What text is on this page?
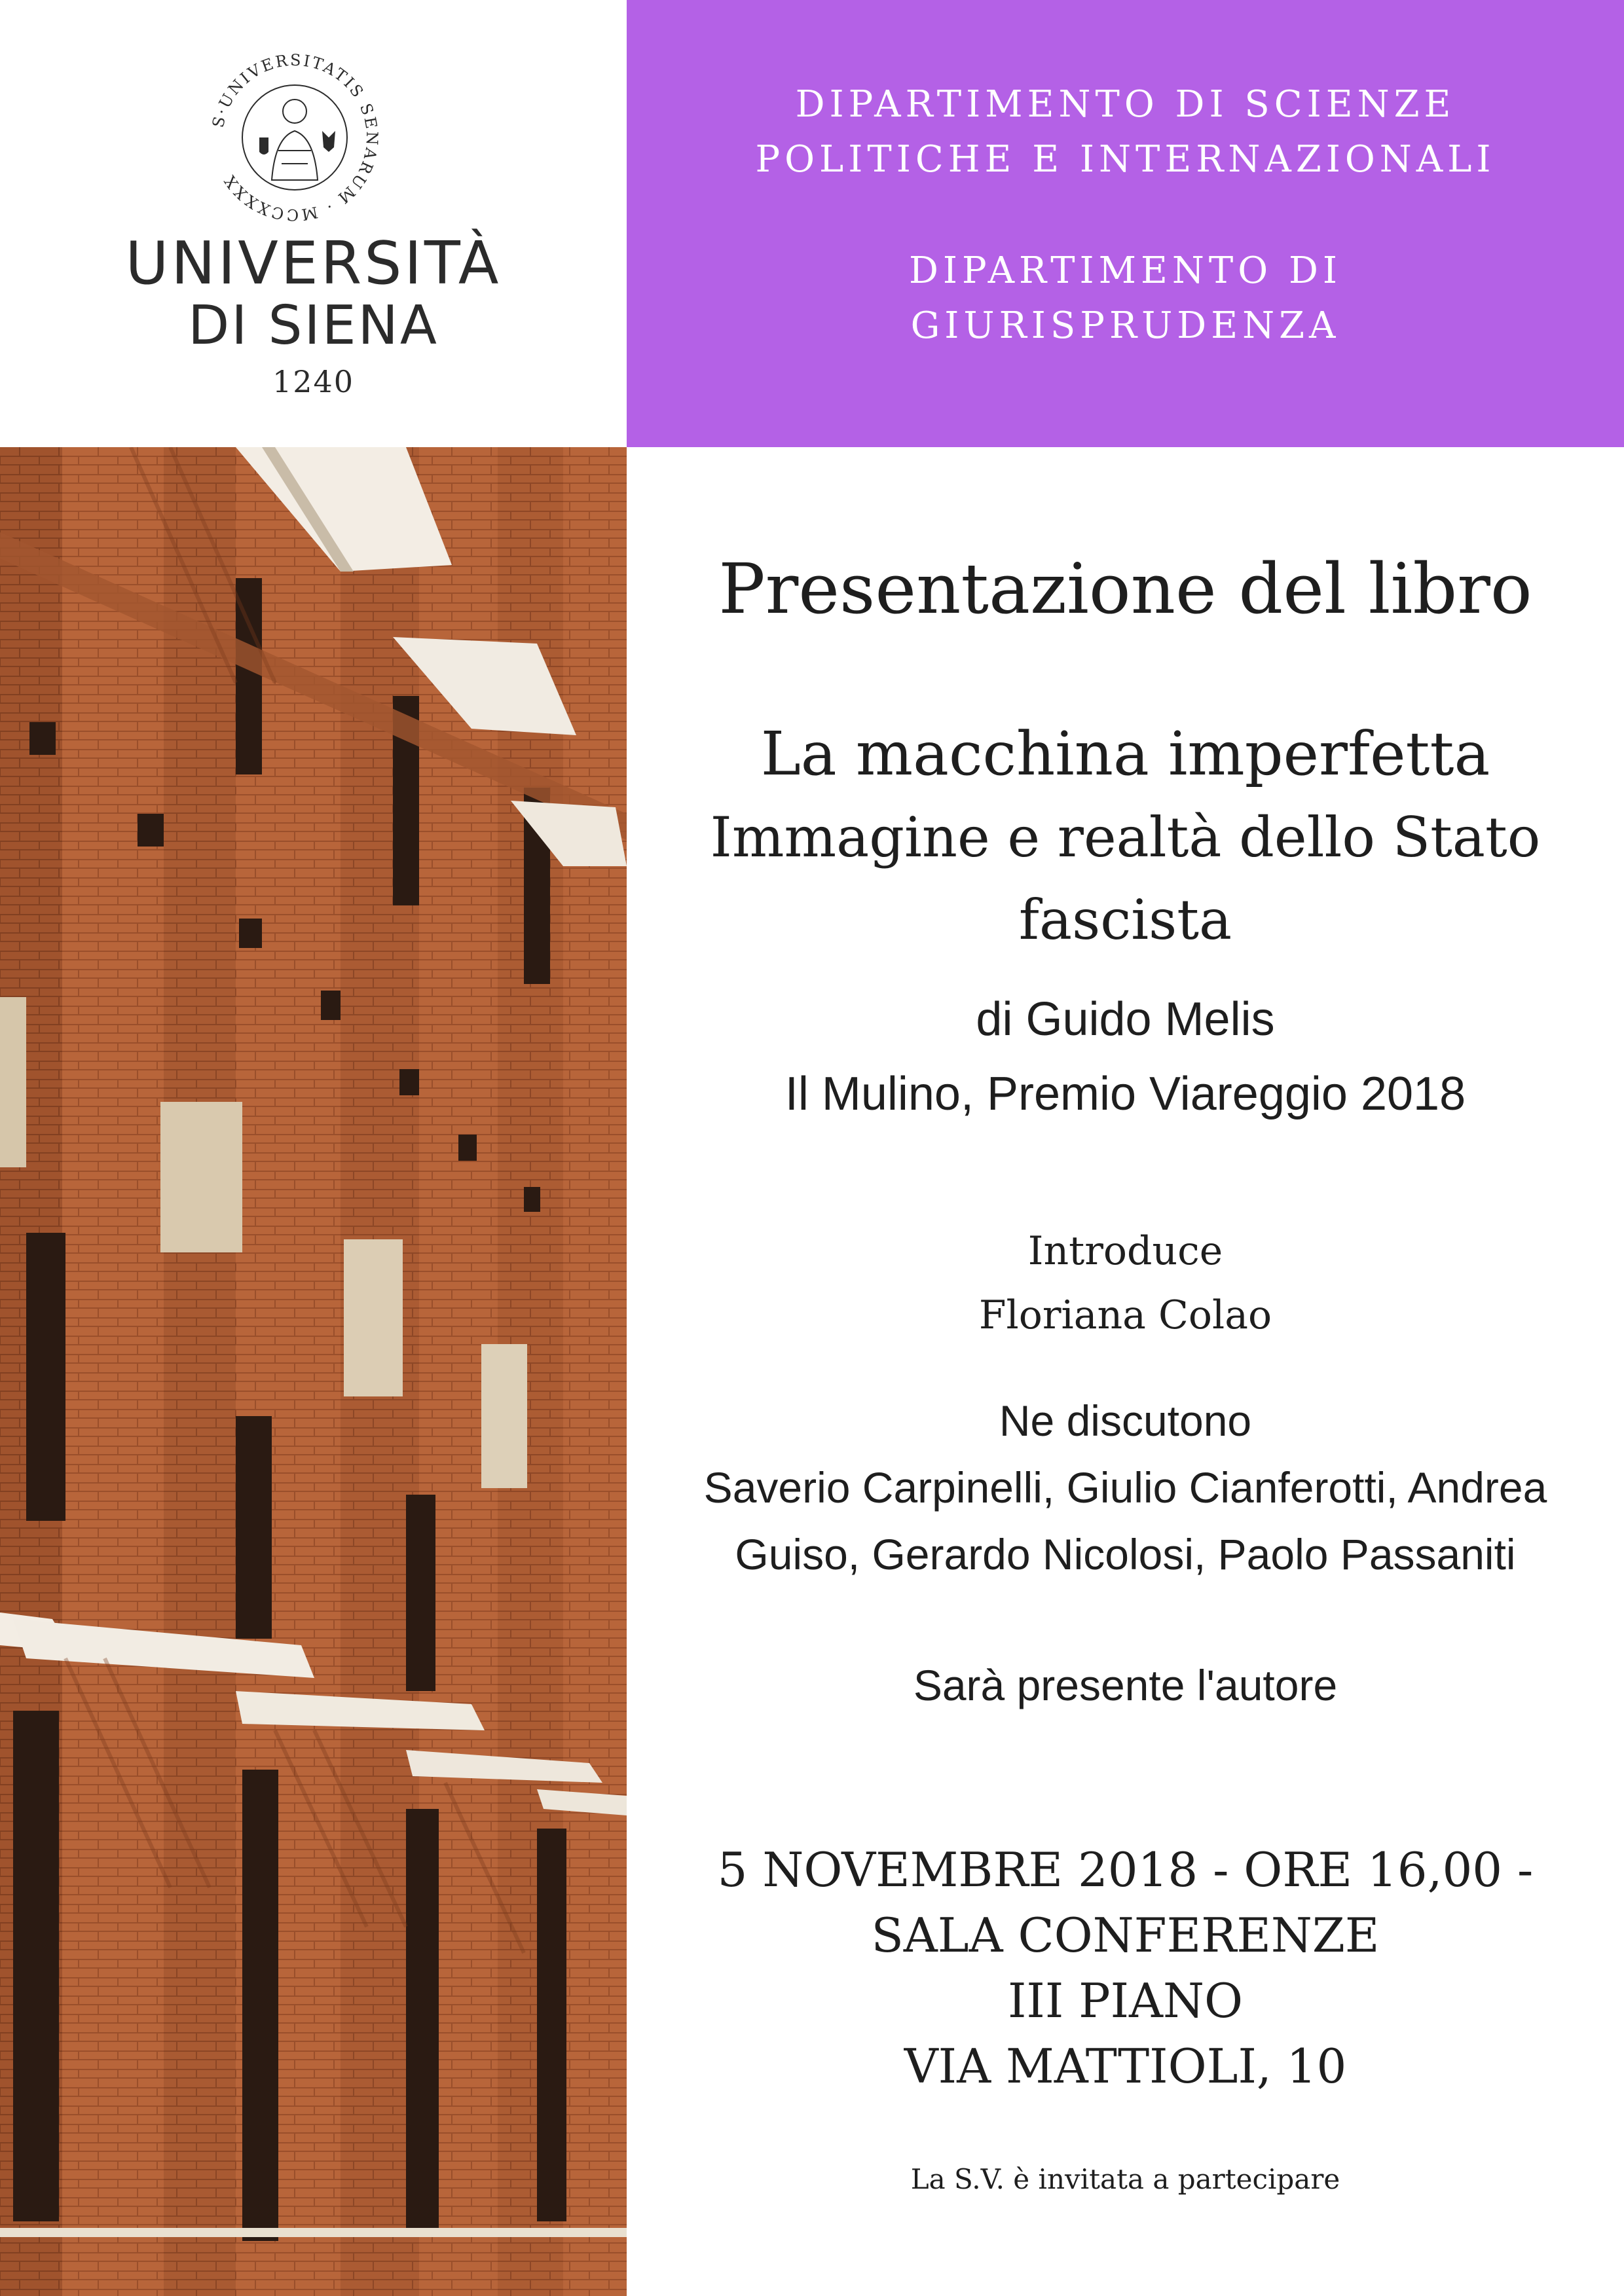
S·UNIVERSITATIS SENARUM · MCCXXXX
UNIVERSITÀ
DI SIENA
1240
DIPARTIMENTO DI SCIENZE POLITICHE E INTERNAZIONALI
DIPARTIMENTO DI GIURISPRUDENZA
Presentazione del libro
La macchina imperfetta
Immagine e realtà dello Stato
fascista
di Guido Melis
Il Mulino, Premio Viareggio 2018
Introduce
Floriana Colao
Ne discutono
Saverio Carpinelli, Giulio Cianferotti, Andrea
Guiso, Gerardo Nicolosi, Paolo Passaniti
Sarà presente l'autore
5 NOVEMBRE 2018 - ORE 16,00 -
SALA CONFERENZE
III PIANO
VIA MATTIOLI, 10
La S.V. è invitata a partecipare
